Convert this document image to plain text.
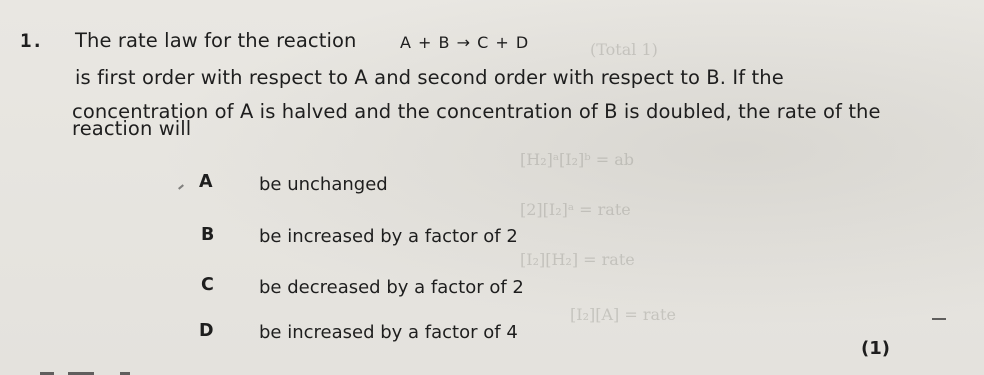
(Total 1)
[H₂]ᵃ[I₂]ᵇ = ab
[2][I₂]ᵃ = rate
[I₂][H₂] = rate
[I₂][A] = rate
1. The rate law for the reaction	A + B → C + D
is first order with respect to A and second order with respect to B. If the
concentration of A is halved and the concentration of B is doubled, the rate of the
reaction will
A	be unchanged
B be increased by a factor of 2
C	be decreased by a factor of 2
D	be increased by a factor of 4
(1)
